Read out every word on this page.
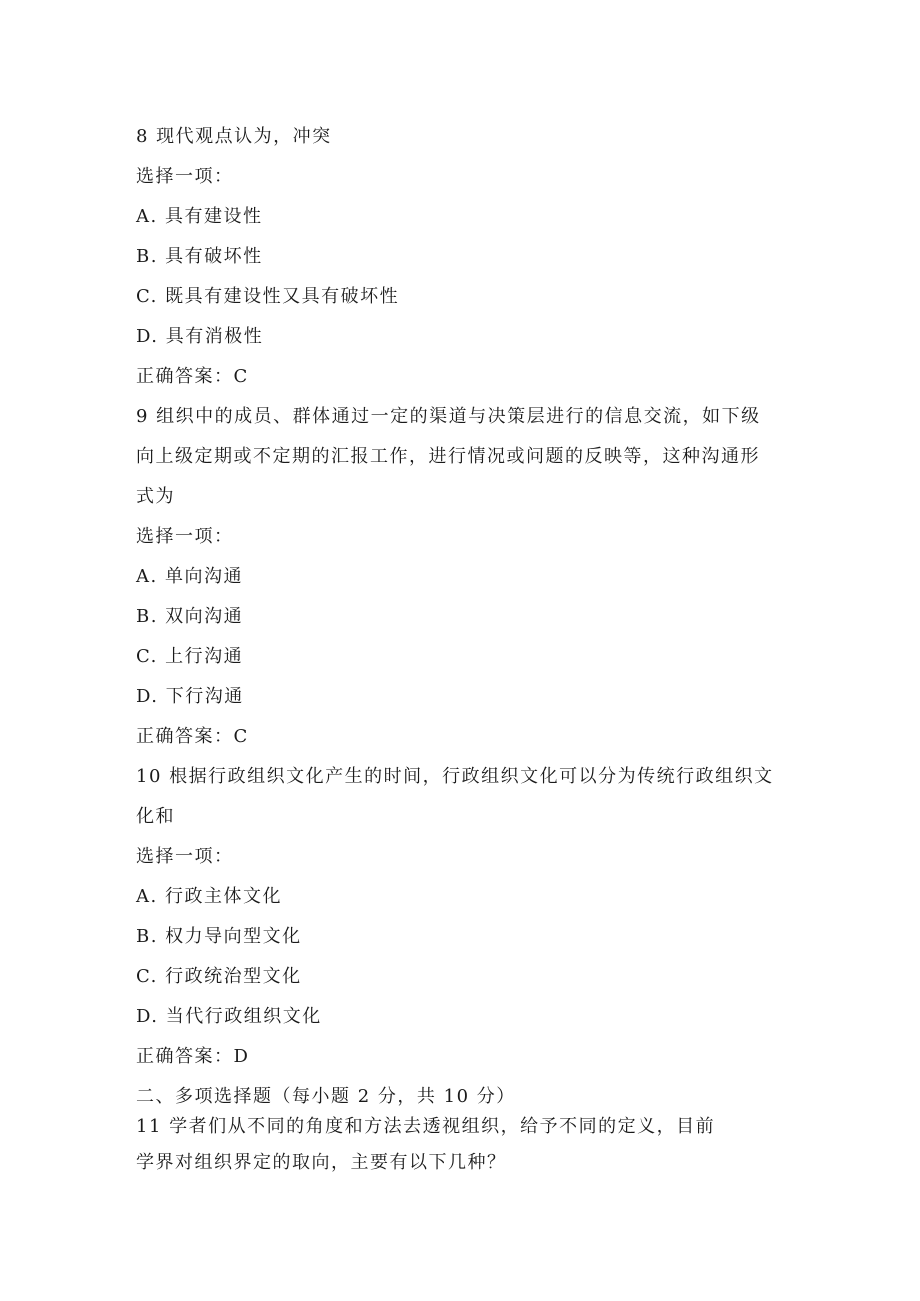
8 现代观点认为，冲突
选择一项：
A. 具有建设性
B. 具有破坏性
C. 既具有建设性又具有破坏性
D. 具有消极性
正确答案：C
9 组织中的成员、群体通过一定的渠道与决策层进行的信息交流，如下级
向上级定期或不定期的汇报工作，进行情况或问题的反映等，这种沟通形
式为
选择一项：
A. 单向沟通
B. 双向沟通
C. 上行沟通
D. 下行沟通
正确答案：C
10 根据行政组织文化产生的时间，行政组织文化可以分为传统行政组织文
化和
选择一项：
A. 行政主体文化
B. 权力导向型文化
C. 行政统治型文化
D. 当代行政组织文化
正确答案：D
二、多项选择题（每小题 2 分，共 10 分）
11 学者们从不同的角度和方法去透视组织，给予不同的定义，目前
学界对组织界定的取向，主要有以下几种？
